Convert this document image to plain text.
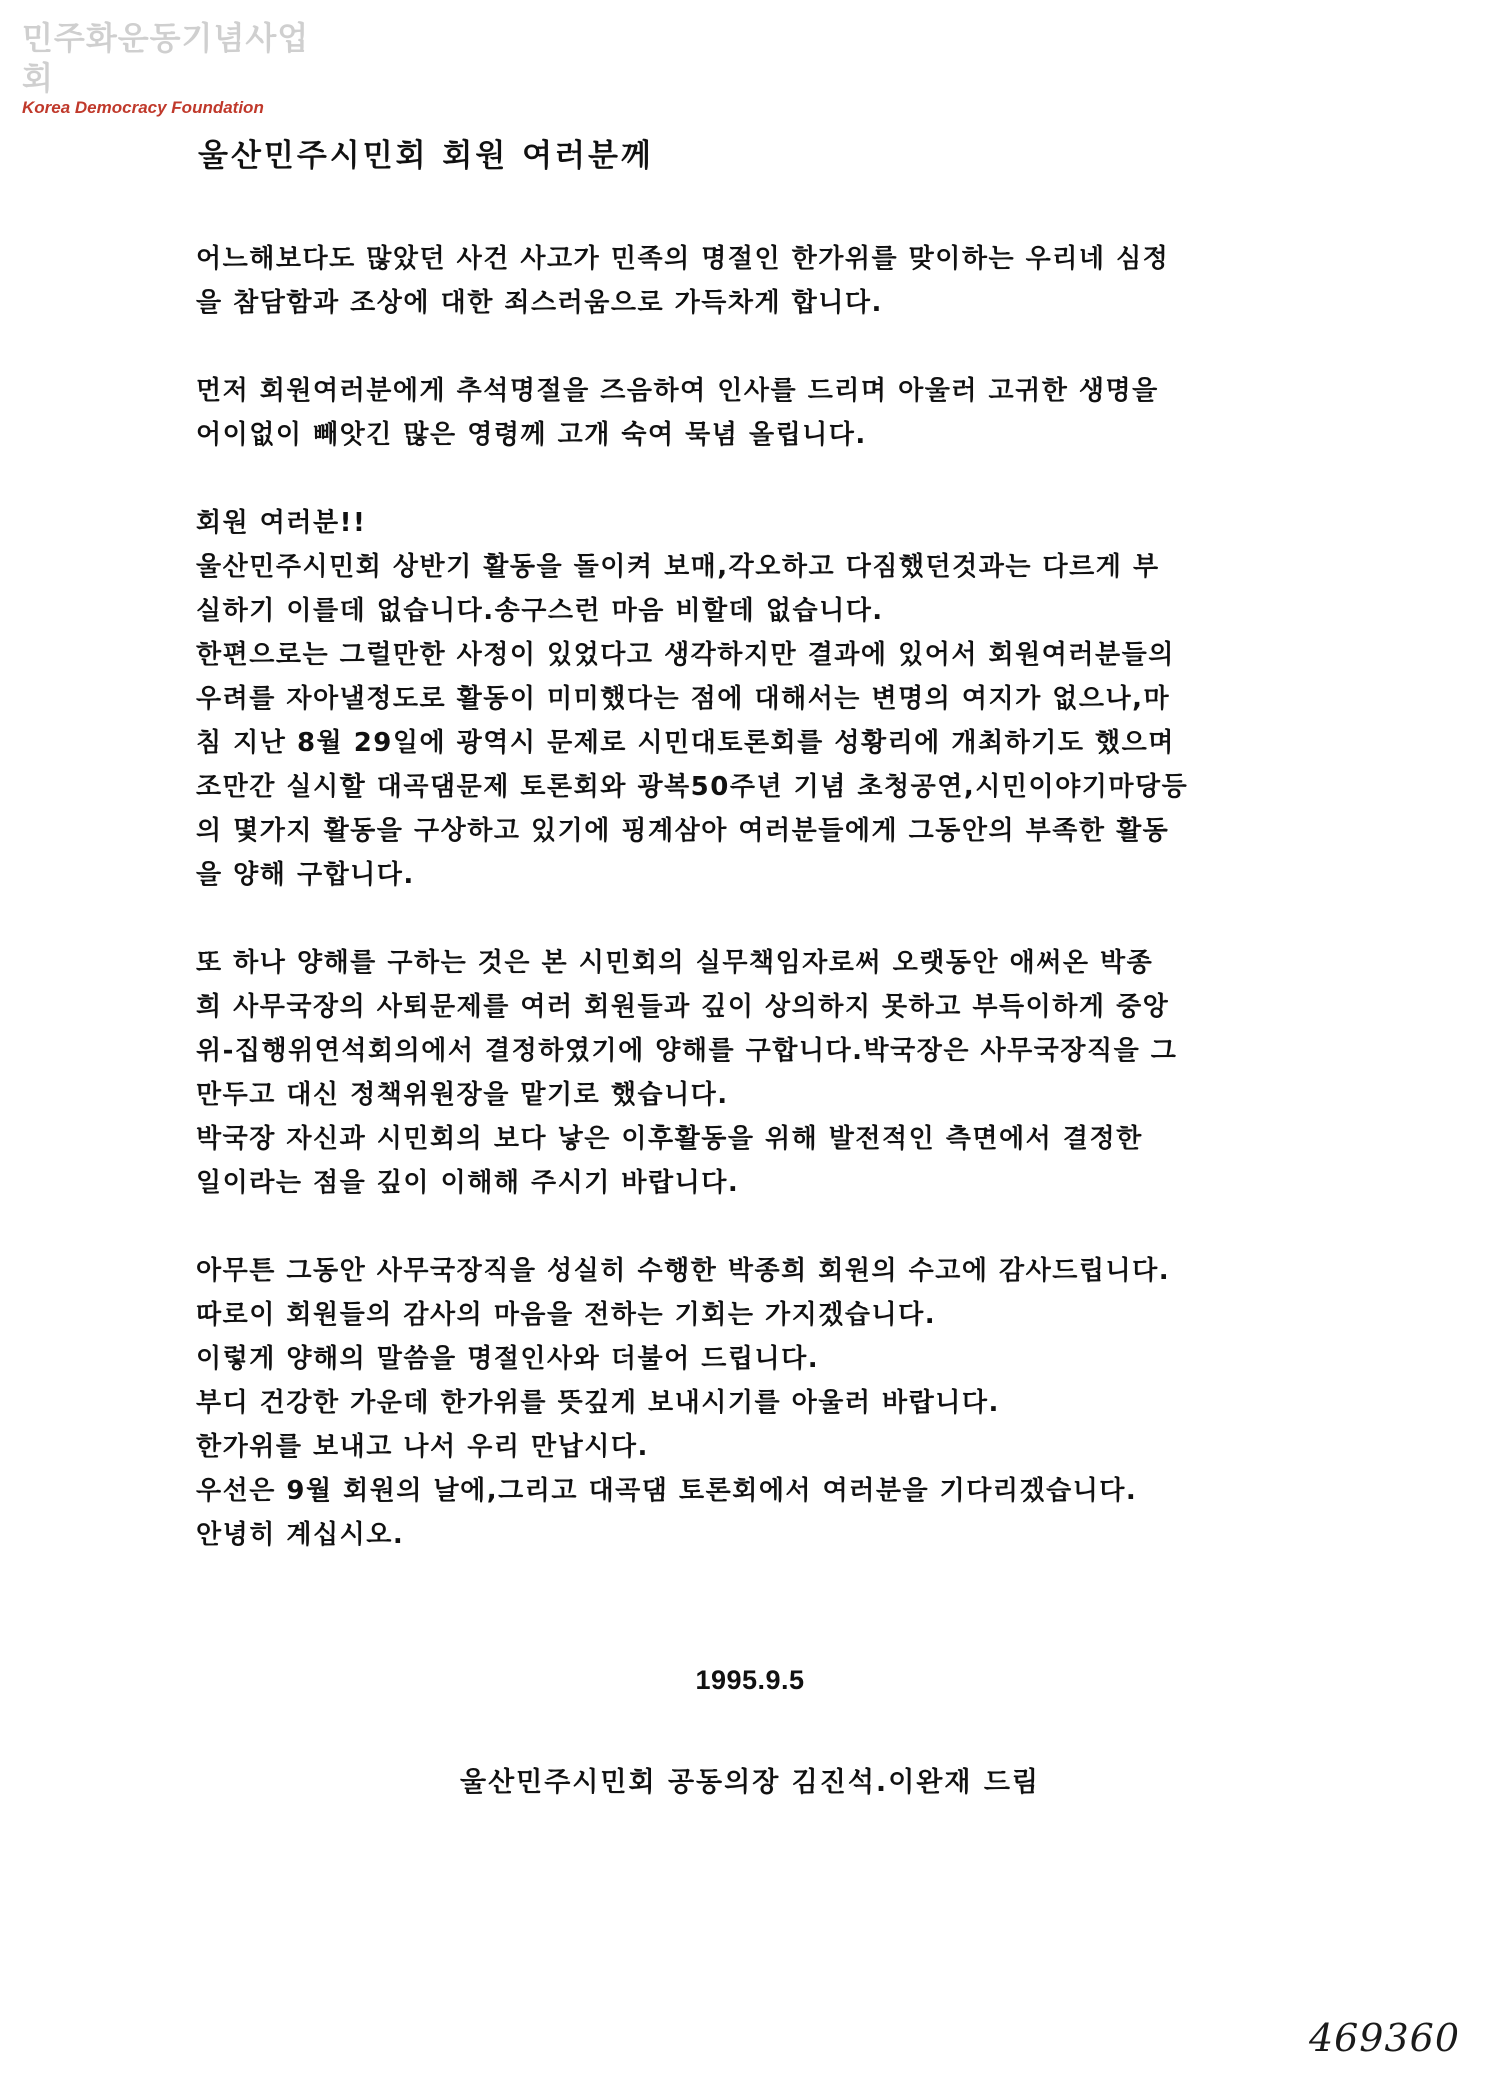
민주화운동기념사업회
Korea Democracy Foundation
울산민주시민회 회원 여러분께
어느해보다도 많았던 사건 사고가 민족의 명절인 한가위를 맞이하는 우리네 심정
을 참담함과 조상에 대한 죄스러움으로 가득차게 합니다.
먼저 회원여러분에게 추석명절을 즈음하여 인사를 드리며 아울러 고귀한 생명을
어이없이 빼앗긴 많은 영령께 고개 숙여 묵념 올립니다.
회원 여러분!!
울산민주시민회 상반기 활동을 돌이켜 보매,각오하고 다짐했던것과는 다르게 부
실하기 이를데 없습니다.송구스런 마음 비할데 없습니다.
한편으로는 그럴만한 사정이 있었다고 생각하지만 결과에 있어서 회원여러분들의
우려를 자아낼정도로 활동이 미미했다는 점에 대해서는 변명의 여지가 없으나,마
침 지난 8월 29일에 광역시 문제로 시민대토론회를 성황리에 개최하기도 했으며
조만간 실시할 대곡댐문제 토론회와 광복50주년 기념 초청공연,시민이야기마당등
의 몇가지 활동을 구상하고 있기에 핑계삼아 여러분들에게 그동안의 부족한 활동
을 양해 구합니다.
또 하나 양해를 구하는 것은 본 시민회의 실무책임자로써 오랫동안 애써온 박종
희 사무국장의 사퇴문제를 여러 회원들과 깊이 상의하지 못하고 부득이하게 중앙
위-집행위연석회의에서 결정하였기에 양해를 구합니다.박국장은 사무국장직을 그
만두고 대신 정책위원장을 맡기로 했습니다.
박국장 자신과 시민회의 보다 낳은 이후활동을 위해 발전적인 측면에서 결정한
일이라는 점을 깊이 이해해 주시기 바랍니다.
아무튼 그동안 사무국장직을 성실히 수행한 박종희 회원의 수고에 감사드립니다.
따로이 회원들의 감사의 마음을 전하는 기회는 가지겠습니다.
이렇게 양해의 말씀을 명절인사와 더불어 드립니다.
부디 건강한 가운데 한가위를 뜻깊게 보내시기를 아울러 바랍니다.
한가위를 보내고 나서 우리 만납시다.
우선은 9월 회원의 날에,그리고 대곡댐 토론회에서 여러분을 기다리겠습니다.
안녕히 계십시오.
1995.9.5
울산민주시민회 공동의장 김진석.이완재 드림
469360
